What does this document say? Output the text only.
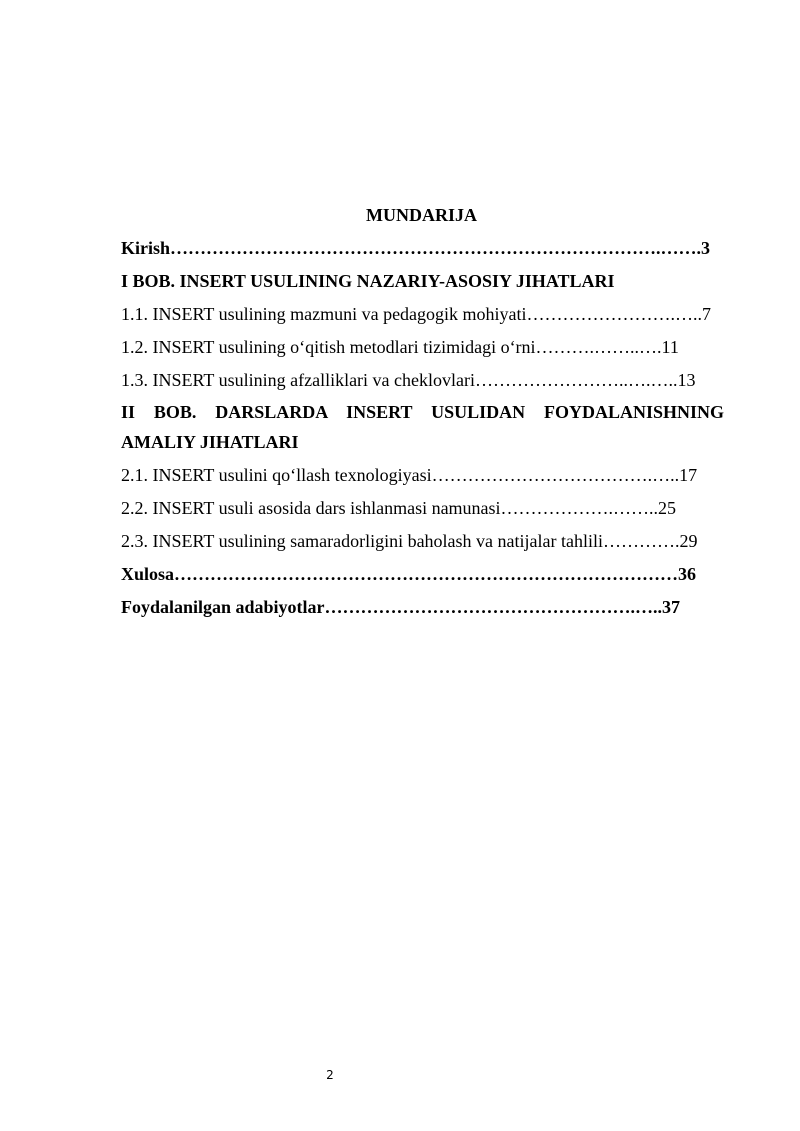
MUNDARIJA
Kirish……………………………………………………………………….…….3
I BOB. INSERT USULINING NAZARIY-ASOSIY JIHATLARI
1.1. INSERT usulining mazmuni va pedagogik mohiyati…………………….…..7
1.2. INSERT usulining o‘qitish metodlari tizimidagi o‘rni……….……..….11
1.3. INSERT usulining afzalliklari va cheklovlari……………………..….…..13
II BOB. DARSLARDA INSERT USULIDAN FOYDALANISHNING
AMALIY JIHATLARI
2.1. INSERT usulini qo‘llash texnologiyasi……………………………….…..17
2.2. INSERT usuli asosida dars ishlanmasi namunasi……………….……..25
2.3. INSERT usulining samaradorligini baholash va natijalar tahlili………….29
Xulosa…………………………………………………………………………36
Foydalanilgan adabiyotlar…………………………………………….…..37
2
